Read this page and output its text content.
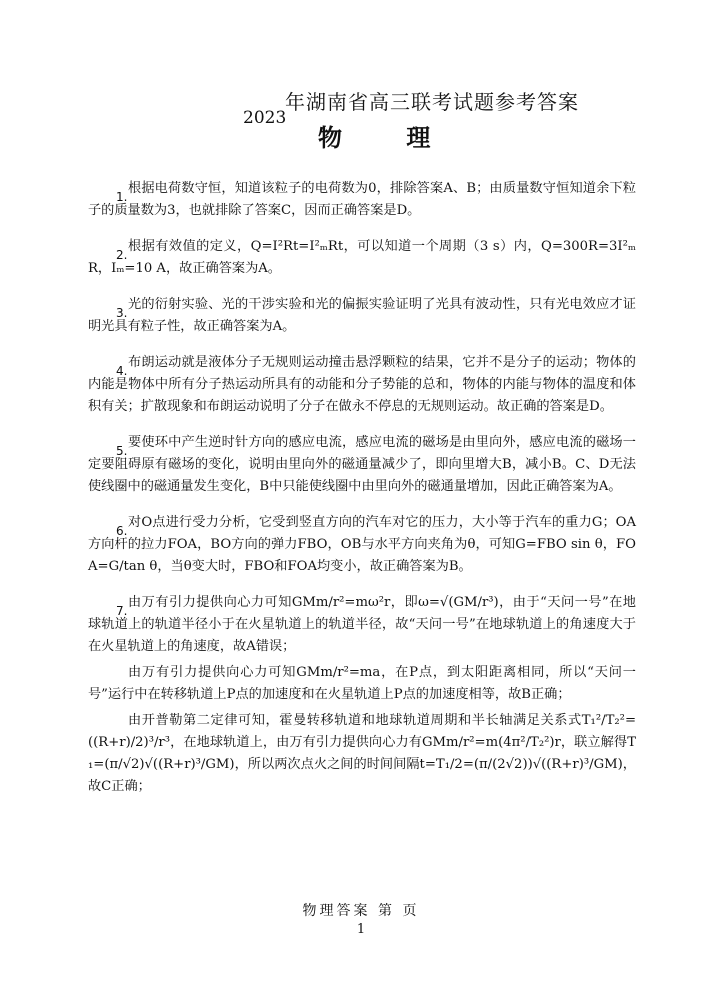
2023
年湖南省高三联考试题参考答案
物 理
1.

根据电荷数守恒，知道该粒子的电荷数为0，排除答案A、B；由质量数守恒知道余下粒子的质量数为3，也就排除了答案C，因而正确答案是D。

2.

根据有效值的定义，Q=I²Rt=I²ₘRt，可以知道一个周期（3 s）内，Q=300R=3I²ₘR，Iₘ=10 A，故正确答案为A。

3.

光的衍射实验、光的干涉实验和光的偏振实验证明了光具有波动性，只有光电效应才证明光具有粒子性，故正确答案为A。

4.

布朗运动就是液体分子无规则运动撞击悬浮颗粒的结果，它并不是分子的运动；物体的内能是物体中所有分子热运动所具有的动能和分子势能的总和，物体的内能与物体的温度和体积有关；扩散现象和布朗运动说明了分子在做永不停息的无规则运动。故正确的答案是D。

5.

要使环中产生逆时针方向的感应电流，感应电流的磁场是由里向外，感应电流的磁场一定要阻碍原有磁场的变化，说明由里向外的磁通量减少了，即向里增大B，减小B。C、D无法使线圈中的磁通量发生变化，B中只能使线圈中由里向外的磁通量增加，因此正确答案为A。

6.

对O点进行受力分析，它受到竖直方向的汽车对它的压力，大小等于汽车的重力G；OA方向杆的拉力FOA，BO方向的弹力FBO，OB与水平方向夹角为θ，可知G=FBO sin θ，FOA=G/tan θ，当θ变大时，FBO和FOA均变小，故正确答案为B。

7.

由万有引力提供向心力可知GMm/r²=mω²r，即ω=√(GM/r³)，由于“天问一号”在地球轨道上的轨道半径小于在火星轨道上的轨道半径，故“天问一号”在地球轨道上的角速度大于在火星轨道上的角速度，故A错误；

由万有引力提供向心力可知GMm/r²=ma，在P点，到太阳距离相同，所以“天问一号”运行中在转移轨道上P点的加速度和在火星轨道上P点的加速度相等，故B正确；

由开普勒第二定律可知，霍曼转移轨道和地球轨道周期和半长轴满足关系式T₁²/T₂²=((R+r)/2)³/r³，在地球轨道上，由万有引力提供向心力有GMm/r²=m(4π²/T₂²)r，联立解得T₁=(π/√2)√((R+r)³/GM)，所以两次点火之间的时间间隔t=T₁/2=(π/(2√2))√((R+r)³/GM)，故C正确；

物理答案 第 页
1
